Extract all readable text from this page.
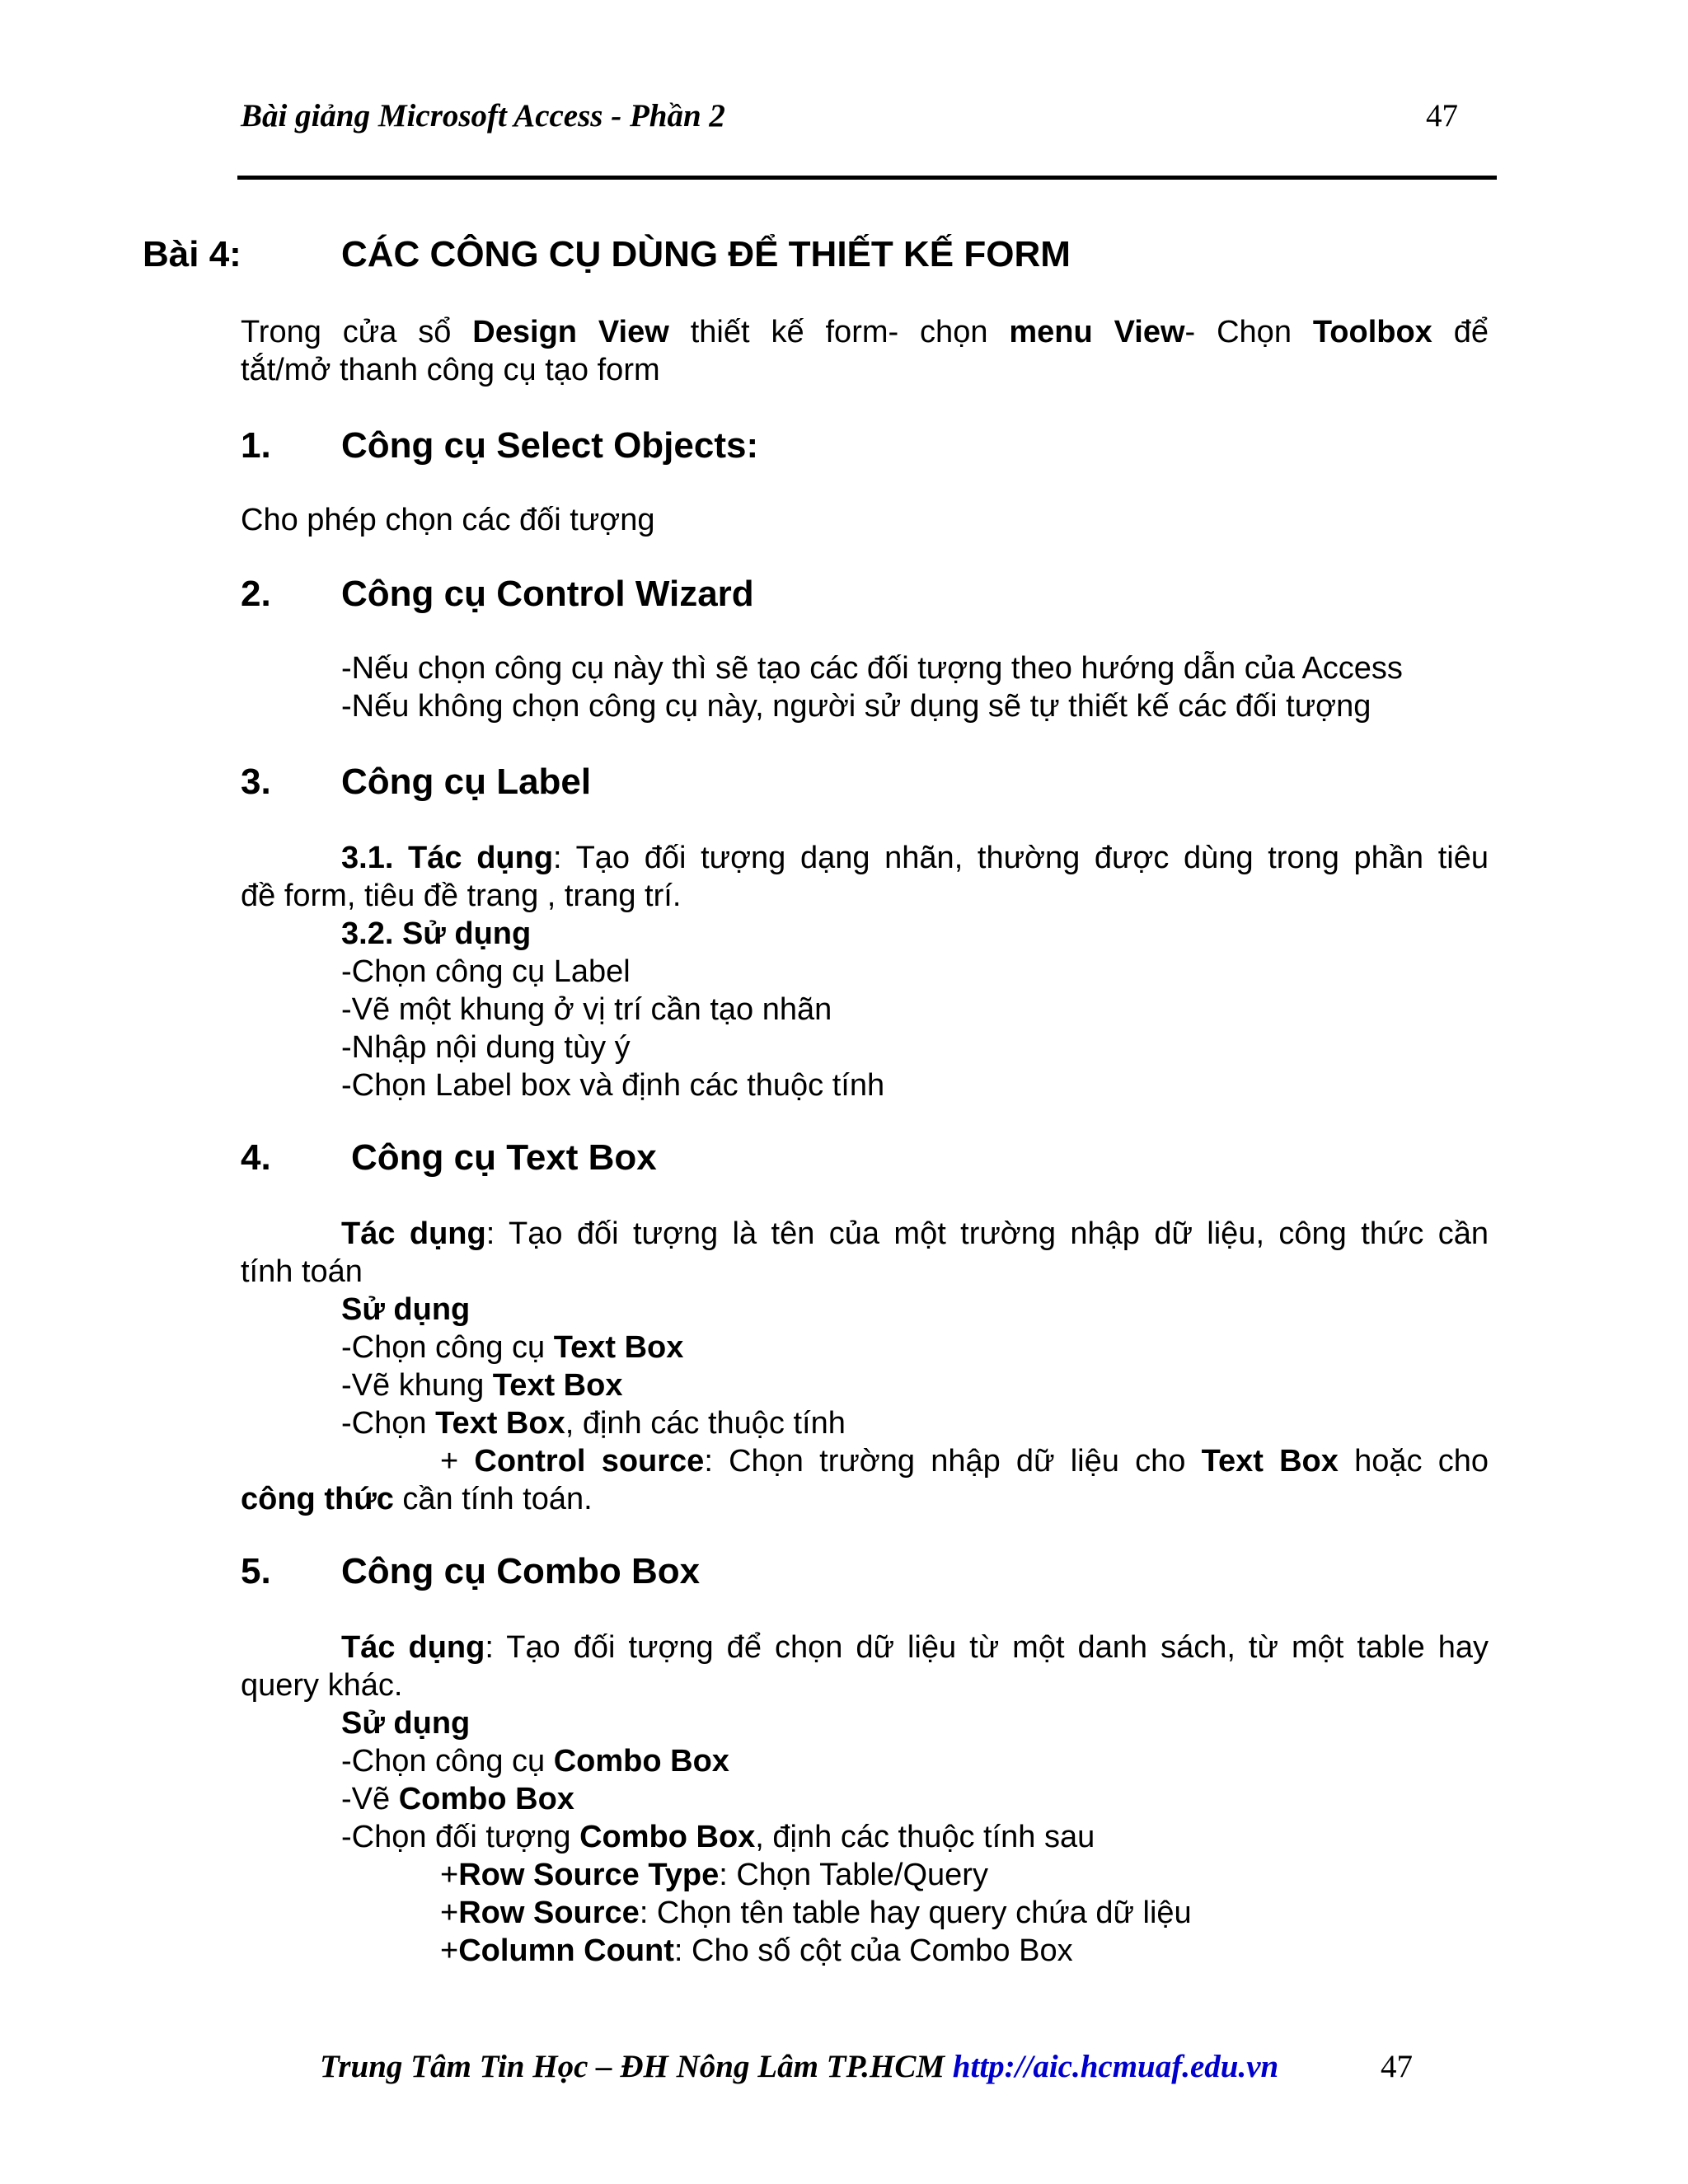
Bài giảng Microsoft Access - Phần 2	47
Bài 4:	CÁC CÔNG CỤ DÙNG ĐỂ THIẾT KẾ FORM
Trong cửa sổ Design View thiết kế form- chọn menu View- Chọn Toolbox để
tắt/mở thanh công cụ tạo form
1. Công cụ Select Objects:
Cho phép chọn các đối tượng
2. Công cụ Control Wizard
-Nếu chọn công cụ này thì sẽ tạo các đối tượng theo hướng dẫn của Access
-Nếu không chọn công cụ này, người sử dụng sẽ tự thiết kế các đối tượng
3. Công cụ Label
3.1. Tác dụng: Tạo đối tượng dạng nhãn, thường được dùng trong phần tiêu
đề form, tiêu đề trang , trang trí.
3.2. Sử dụng
-Chọn công cụ Label
-Vẽ một khung ở vị trí cần tạo nhãn
-Nhập nội dung tùy ý
-Chọn Label box và định các thuộc tính
4. Công cụ Text Box
Tác dụng: Tạo đối tượng là tên của một trường nhập dữ liệu, công thức cần
tính toán
Sử dụng
-Chọn công cụ Text Box
-Vẽ khung Text Box
-Chọn Text Box, định các thuộc tính
+ Control source: Chọn trường nhập dữ liệu cho Text Box hoặc cho
công thức cần tính toán.
5. Công cụ Combo Box
Tác dụng: Tạo đối tượng để chọn dữ liệu từ một danh sách, từ một table hay
query khác.
Sử dụng
-Chọn công cụ Combo Box
-Vẽ Combo Box
-Chọn đối tượng Combo Box, định các thuộc tính sau
+Row Source Type: Chọn Table/Query
+Row Source: Chọn tên table hay query chứa dữ liệu
+Column Count: Cho số cột của Combo Box
Trung Tâm Tin Học – ĐH Nông Lâm TP.HCM http://aic.hcmuaf.edu.vn	47
